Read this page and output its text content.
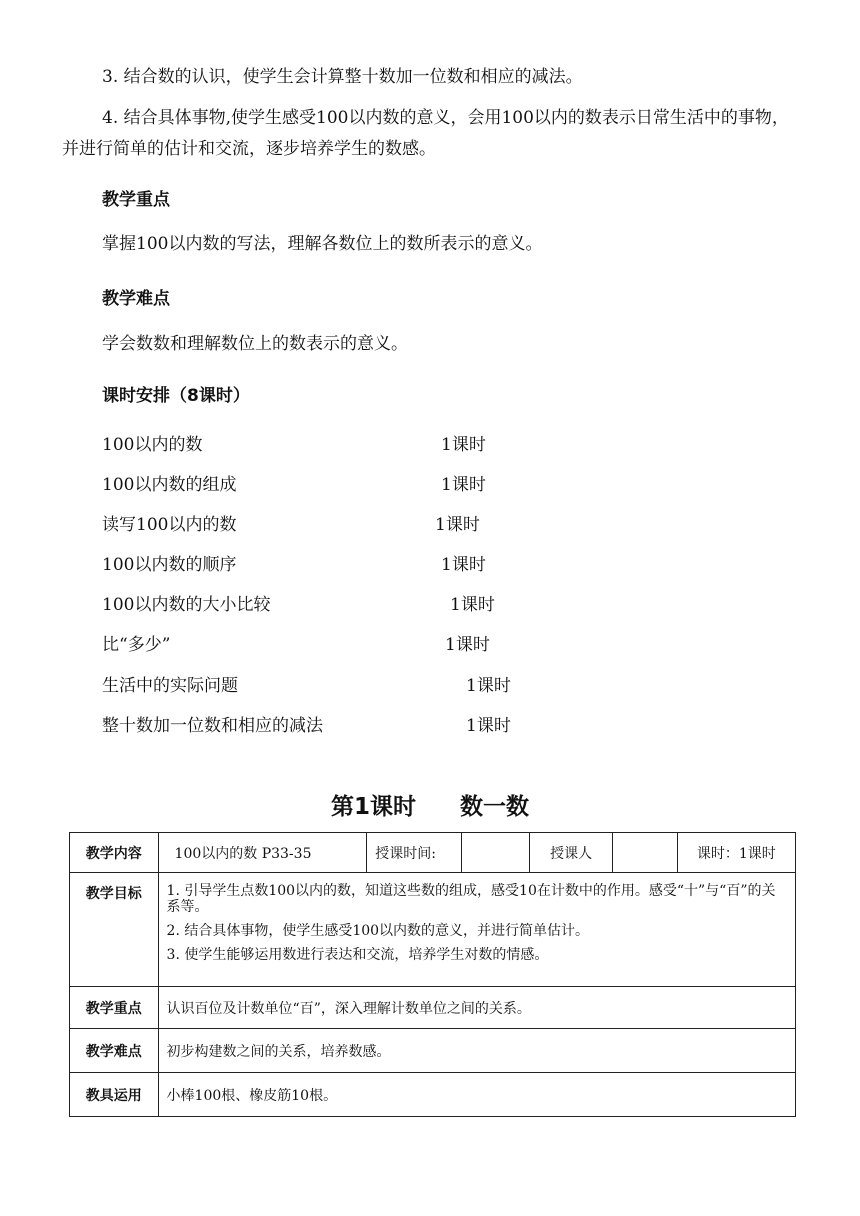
3. 结合数的认识，使学生会计算整十数加一位数和相应的减法。
4. 结合具体事物,使学生感受100以内数的意义，会用100以内的数表示日常生活中的事物，并进行简单的估计和交流，逐步培养学生的数感。
教学重点
掌握100以内数的写法，理解各数位上的数所表示的意义。
教学难点
学会数数和理解数位上的数表示的意义。
课时安排（8课时）
100以内的数	1课时
100以内数的组成	1课时
读写100以内的数	1课时
100以内数的顺序	1课时
100以内数的大小比较	1课时
比“多少”	1课时
生活中的实际问题	1课时
整十数加一位数和相应的减法	1课时
第1课时 数一数
教学内容	100以内的数 P33-35	授课时间:		授课人		课时：1课时
教学目标	1. 引导学生点数100以内的数，知道这些数的组成，感受10在计数中的作用。感受“十”与“百”的关系等。
2. 结合具体事物，使学生感受100以内数的意义，并进行简单估计。
3. 使学生能够运用数进行表达和交流，培养学生对数的情感。					

教学重点	认识百位及计数单位“百”，深入理解计数单位之间的关系。					
教学难点	初步构建数之间的关系，培养数感。					
教具运用	小棒100根、橡皮筋10根。					
